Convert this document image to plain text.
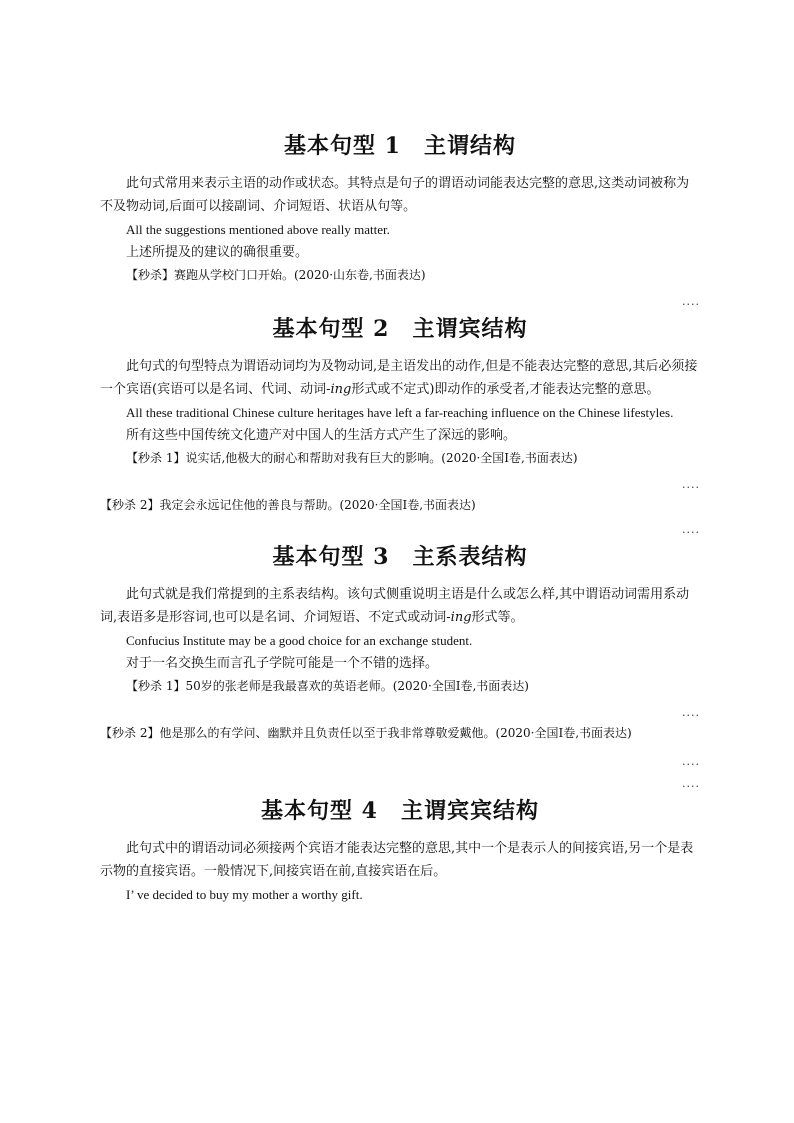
基本句型 1　主谓结构

此句式常用来表示主语的动作或状态。其特点是句子的谓语动词能表达完整的意思,这类动词被称为不及物动词,后面可以接副词、介词短语、状语从句等。

All the suggestions mentioned above really matter.

上述所提及的建议的确很重要。

【秒杀】赛跑从学校门口开始。(2020·山东卷,书面表达)

....

基本句型 2　主谓宾结构

此句式的句型特点为谓语动词均为及物动词,是主语发出的动作,但是不能表达完整的意思,其后必须接一个宾语(宾语可以是名词、代词、动词-ing形式或不定式)即动作的承受者,才能表达完整的意思。

All these traditional Chinese culture heritages have left a far-reaching influence on the Chinese lifestyles.

所有这些中国传统文化遗产对中国人的生活方式产生了深远的影响。

【秒杀 1】说实话,他极大的耐心和帮助对我有巨大的影响。(2020·全国Ⅰ卷,书面表达)

....

【秒杀 2】我定会永远记住他的善良与帮助。(2020·全国Ⅰ卷,书面表达)

....

基本句型 3　主系表结构

此句式就是我们常提到的主系表结构。该句式侧重说明主语是什么或怎么样,其中谓语动词需用系动词,表语多是形容词,也可以是名词、介词短语、不定式或动词-ing形式等。

Confucius Institute may be a good choice for an exchange student.

对于一名交换生而言孔子学院可能是一个不错的选择。

【秒杀 1】50岁的张老师是我最喜欢的英语老师。(2020·全国Ⅰ卷,书面表达)

....

【秒杀 2】他是那么的有学问、幽默并且负责任以至于我非常尊敬爱戴他。(2020·全国Ⅰ卷,书面表达)

....

....

基本句型 4　主谓宾宾结构

此句式中的谓语动词必须接两个宾语才能表达完整的意思,其中一个是表示人的间接宾语,另一个是表示物的直接宾语。一般情况下,间接宾语在前,直接宾语在后。

I’ ve decided to buy my mother a worthy gift.
